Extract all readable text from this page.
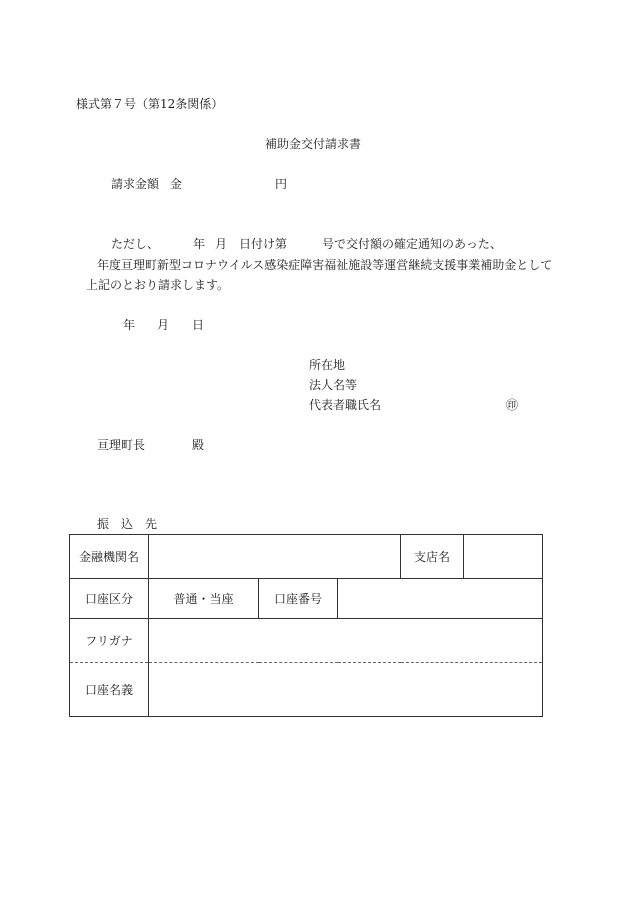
様式第７号（第12条関係）
補助金交付請求書
請求金額 金	円
ただし、	年 月 日付け第	号で交付額の確定通知のあった、
年度亘理町新型コロナウイルス感染症障害福祉施設等運営継続支援事業補助金として
上記のとおり請求します。
年 月 日
所在地
法人名等
代表者職氏名	㊞
亘理町長	殿
振　込　先
金融機関名				支店名

口座区分	普通・当座	口座番号		
フリガナ				
口座名義				
